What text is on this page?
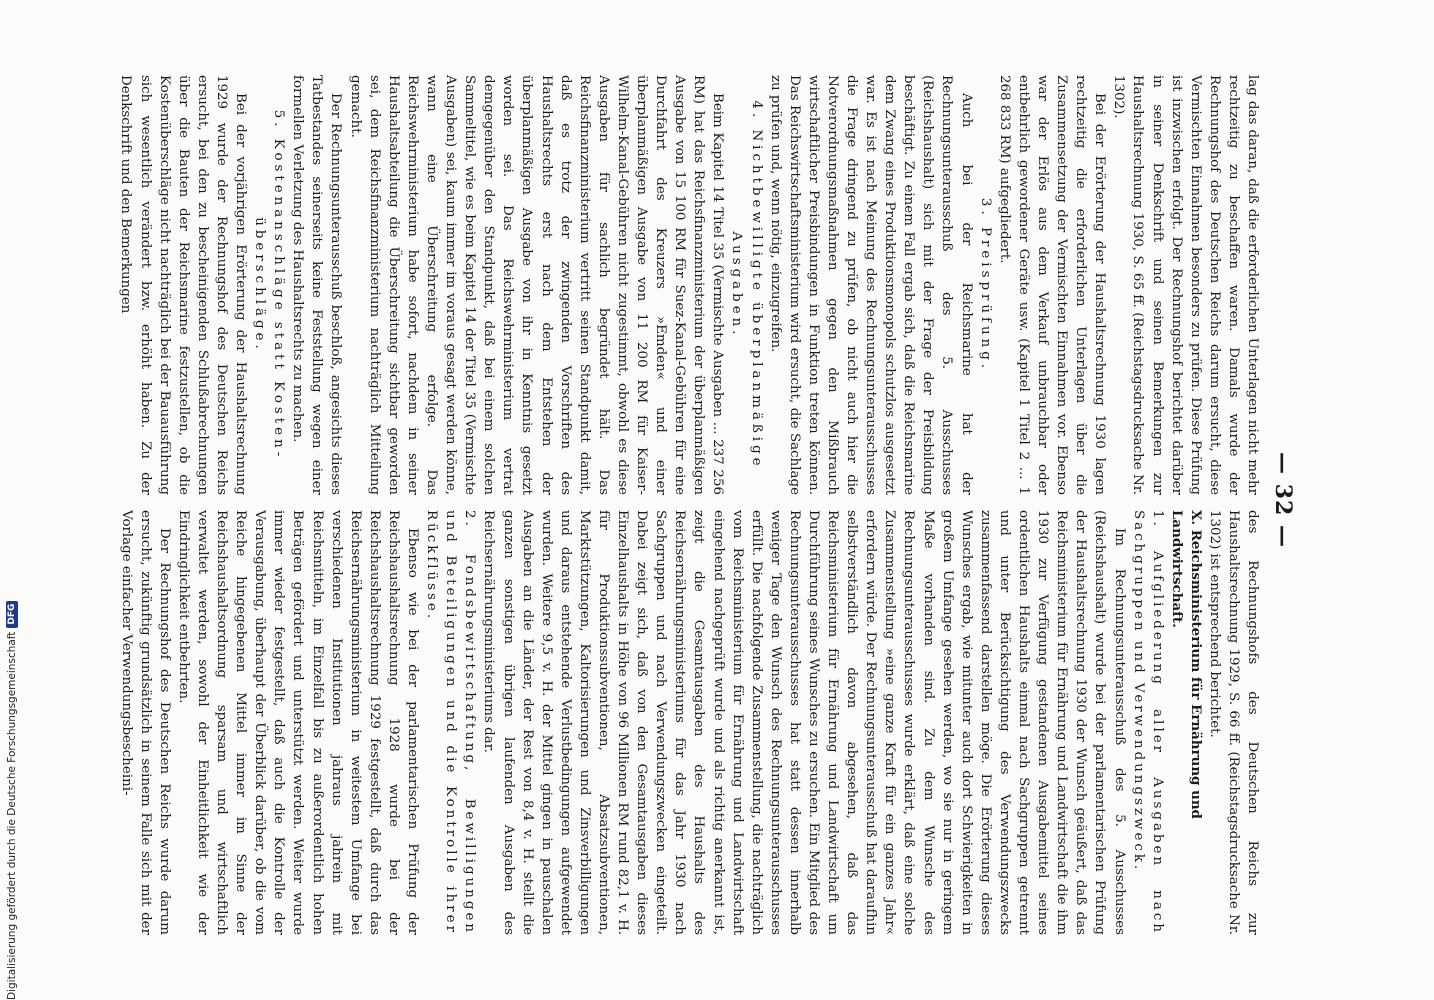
— 32 —

lag das daran, daß die erforderlichen Unterlagen nicht mehr rechtzeitig zu beschaffen waren. Damals wurde der Rechnungshof des Deutschen Reichs darum ersucht, diese Vermischten Einnahmen besonders zu prüfen. Diese Prüfung ist inzwischen erfolgt. Der Rechnungshof berichtet darüber in seiner Denkschrift und seinen Bemerkungen zur Haushaltsrechnung 1930, S. 65 ff. (Reichstagsdrucksache Nr. 1302).

Bei der Erörterung der Haushaltsrechnung 1930 lagen rechtzeitig die erforderlichen Unterlagen über die Zusammensetzung der Vermischten Einnahmen vor. Ebenso war der Erlös aus dem Verkauf unbrauchbar oder entbehrlich gewordener Geräte usw. (Kapitel 1 Titel 2 ... 1 268 833 RM) aufgegliedert.

3. Preisprüfung.

Auch bei der Reichsmarine hat der Rechnungsunterausschuß des 5. Ausschusses (Reichshaushalt) sich mit der Frage der Preisbildung beschäftigt. Zu einem Fall ergab sich, daß die Reichsmarine dem Zwang eines Produktionsmonopols schutzlos ausgesetzt war. Es ist nach Meinung des Rechnungsunterausschusses die Frage dringend zu prüfen, ob nicht auch hier die Notverordnungsmaßnahmen gegen den Mißbrauch wirtschaftlicher Preisbindungen in Funktion treten können. Das Reichswirtschaftsministerium wird ersucht, die Sachlage zu prüfen und, wenn nötig, einzugreifen.

4. Nichtbewilligte überplanmäßige Ausgaben.

Beim Kapitel 14 Titel 35 (Vermischte Ausgaben ... 237 256 RM) hat das Reichsfinanzministerium der überplanmäßigen Ausgabe von 15 100 RM für Suez-Kanal-Gebühren für eine Durchfahrt des Kreuzers »Emden« und einer überplanmäßigen Ausgabe von 11 200 RM für Kaiser-Wilhelm-Kanal-Gebühren nicht zugestimmt, obwohl es diese Ausgaben für sachlich begründet hält. Das Reichsfinanzministerium vertritt seinen Standpunkt damit, daß es trotz der zwingenden Vorschriften des Haushaltsrechts erst nach dem Entstehen der überplanmäßigen Ausgabe von ihr in Kenntnis gesetzt worden sei. Das Reichswehrministerium vertrat demgegenüber den Standpunkt, daß bei einem solchen Sammeltitel, wie es beim Kapitel 14 der Titel 35 (Vermischte Ausgaben) sei, kaum immer im voraus gesagt werden könne, wann eine Überschreitung erfolge. Das Reichswehrministerium habe sofort, nachdem in seiner Haushaltsabteilung die Überschreitung sichtbar geworden sei, dem Reichsfinanzministerium nachträglich Mitteilung gemacht.

Der Rechnungsunterausschuß beschloß, angesichts dieses Tatbestandes seinerseits keine Feststellung wegen einer formellen Verletzung des Haushaltsrechts zu machen.

5. Kostenanschläge statt Kosten-überschläge.

Bei der vorjährigen Erörterung der Haushaltsrechnung 1929 wurde der Rechnungshof des Deutschen Reichs ersucht, bei den zu bescheinigenden Schlußabrechnungen über die Bauten der Reichsmarine festzustellen, ob die Kostenüberschläge nicht nachträglich bei der Bauausführung sich wesentlich verändert bzw. erhöht haben. Zu der Denkschrift und den Bemerkungen

des Rechnungshofs des Deutschen Reichs zur Haushaltsrechnung 1929, S. 66 ff. (Reichstagsdrucksache Nr. 1302) ist entsprechend berichtet.

X. Reichsministerium für Ernährung und Landwirtschaft.

1. Aufgliederung aller Ausgaben nach Sachgruppen und Verwendungszweck.

Im Rechnungsunterausschuß des 5. Ausschusses (Reichshaushalt) wurde bei der parlamentarischen Prüfung der Haushaltsrechnung 1930 der Wunsch geäußert, daß das Reichsministerium für Ernährung und Landwirtschaft die ihm 1930 zur Verfügung gestandenen Ausgabemittel seines ordentlichen Haushalts einmal nach Sachgruppen getrennt und unter Berücksichtigung des Verwendungszwecks zusammenfassend darstellen möge. Die Erörterung dieses Wunsches ergab, wie mitunter auch dort Schwierigkeiten in großem Umfange gesehen werden, wo sie nur in geringem Maße vorhanden sind. Zu dem Wunsche des Rechnungsunterausschusses wurde erklärt, daß eine solche Zusammenstellung »eine ganze Kraft für ein ganzes Jahr« erfordern würde. Der Rechnungsunterausschuß hat daraufhin selbstverständlich davon abgesehen, daß das Reichsministerium für Ernährung und Landwirtschaft um Durchführung seines Wunsches zu ersuchen. Ein Mitglied des Rechnungsunterausschusses hat statt dessen innerhalb weniger Tage den Wunsch des Rechnungsunterausschusses erfüllt. Die nachfolgende Zusammenstellung, die nachträglich vom Reichsministerium für Ernährung und Landwirtschaft eingehend nachgeprüft wurde und als richtig anerkannt ist, zeigt die Gesamtausgaben des Haushalts des Reichsernährungsministeriums für das Jahr 1930 nach Sachgruppen und nach Verwendungszwecken eingeteilt. Dabei zeigt sich, daß von den Gesamtausgaben dieses Einzelhaushalts in Höhe von 96 Millionen RM rund 82,1 v. H. für Produktionssubventionen, Absatzsubventionen, Marktstützungen, Kaltorisierungen und Zinsverbilligungen und daraus entstehende Verlustbedingungen aufgewendet wurden. Weitere 9,5 v. H. der Mittel gingen in pauschalen Ausgaben an die Länder, der Rest von 8,4 v. H. stellt die ganzen sonstigen übrigen laufenden Ausgaben des Reichsernährungsministeriums dar.

2. Fondsbewirtschaftung, Bewilligungen und Beteiligungen und die Kontrolle ihrer Rückflüsse.

Ebenso wie bei der parlamentarischen Prüfung der Reichshaushaltsrechnung 1928 wurde bei der Reichshaushaltsrechnung 1929 festgestellt, daß durch das Reichsernährungsministerium in weitestem Umfange bei verschiedenen Institutionen jahraus jahrein mit Reichsmitteln, im Einzelfall bis zu außerordentlich hohen Beträgen gefördert und unterstützt werden. Weiter wurde immer wieder festgestellt, daß auch die Kontrolle der Verausgabung, überhaupt der Überblick darüber, ob die vom Reiche hingegebenen Mittel immer im Sinne der Reichshaushaltsordnung sparsam und wirtschaftlich verwaltet werden, sowohl der Einheitlichkeit wie der Eindringlichkeit entbehrten.

Der Rechnungshof des Deutschen Reichs wurde darum ersucht, zukünftig grundsätzlich in seinem Falle sich mit der Vorlage einfacher Verwendungsbescheini-

Digitalisierung gefördert durch die Deutsche Forschungsgemeinschaft
DFG
